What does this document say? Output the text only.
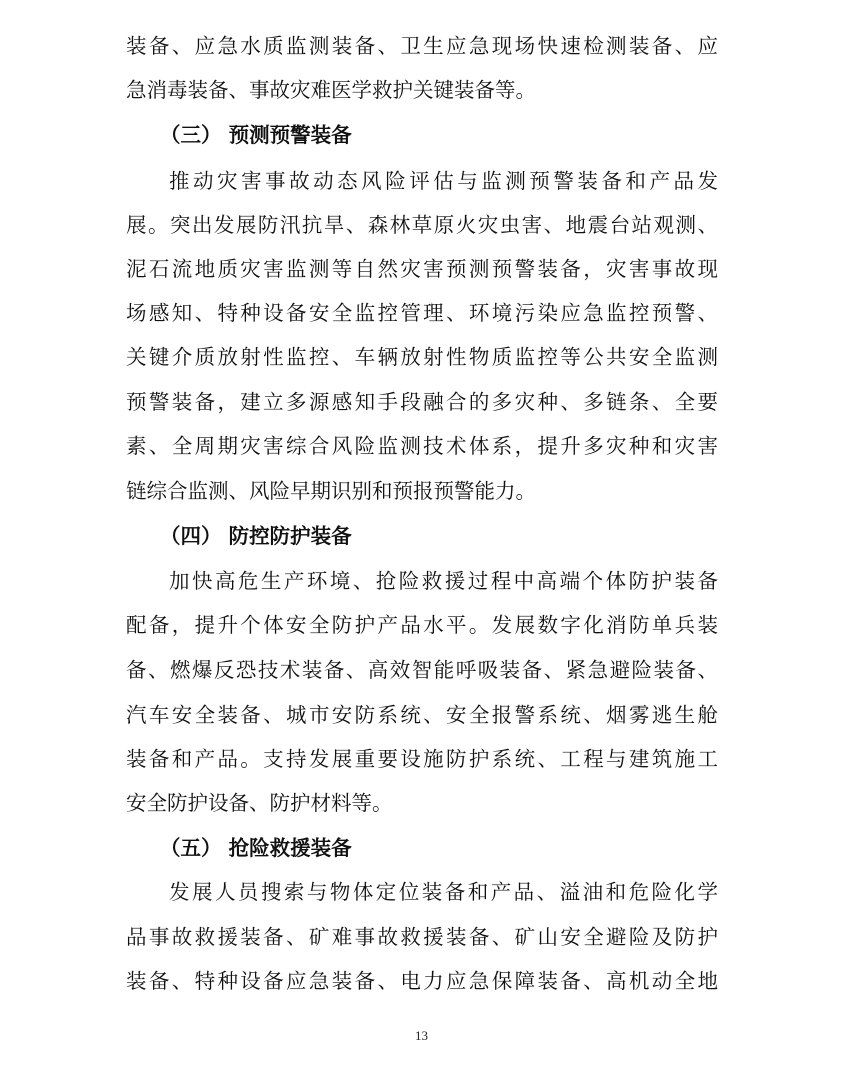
装备、应急水质监测装备、卫生应急现场快速检测装备、应
急消毒装备、事故灾难医学救护关键装备等。
（三） 预测预警装备
推动灾害事故动态风险评估与监测预警装备和产品发
展。突出发展防汛抗旱、森林草原火灾虫害、地震台站观测、
泥石流地质灾害监测等自然灾害预测预警装备，灾害事故现
场感知、特种设备安全监控管理、环境污染应急监控预警、
关键介质放射性监控、车辆放射性物质监控等公共安全监测
预警装备，建立多源感知手段融合的多灾种、多链条、全要
素、全周期灾害综合风险监测技术体系，提升多灾种和灾害
链综合监测、风险早期识别和预报预警能力。
（四） 防控防护装备
加快高危生产环境、抢险救援过程中高端个体防护装备
配备，提升个体安全防护产品水平。发展数字化消防单兵装
备、燃爆反恐技术装备、高效智能呼吸装备、紧急避险装备、
汽车安全装备、城市安防系统、安全报警系统、烟雾逃生舱
装备和产品。支持发展重要设施防护系统、工程与建筑施工
安全防护设备、防护材料等。
（五） 抢险救援装备
发展人员搜索与物体定位装备和产品、溢油和危险化学
品事故救援装备、矿难事故救援装备、矿山安全避险及防护
装备、特种设备应急装备、电力应急保障装备、高机动全地
13
